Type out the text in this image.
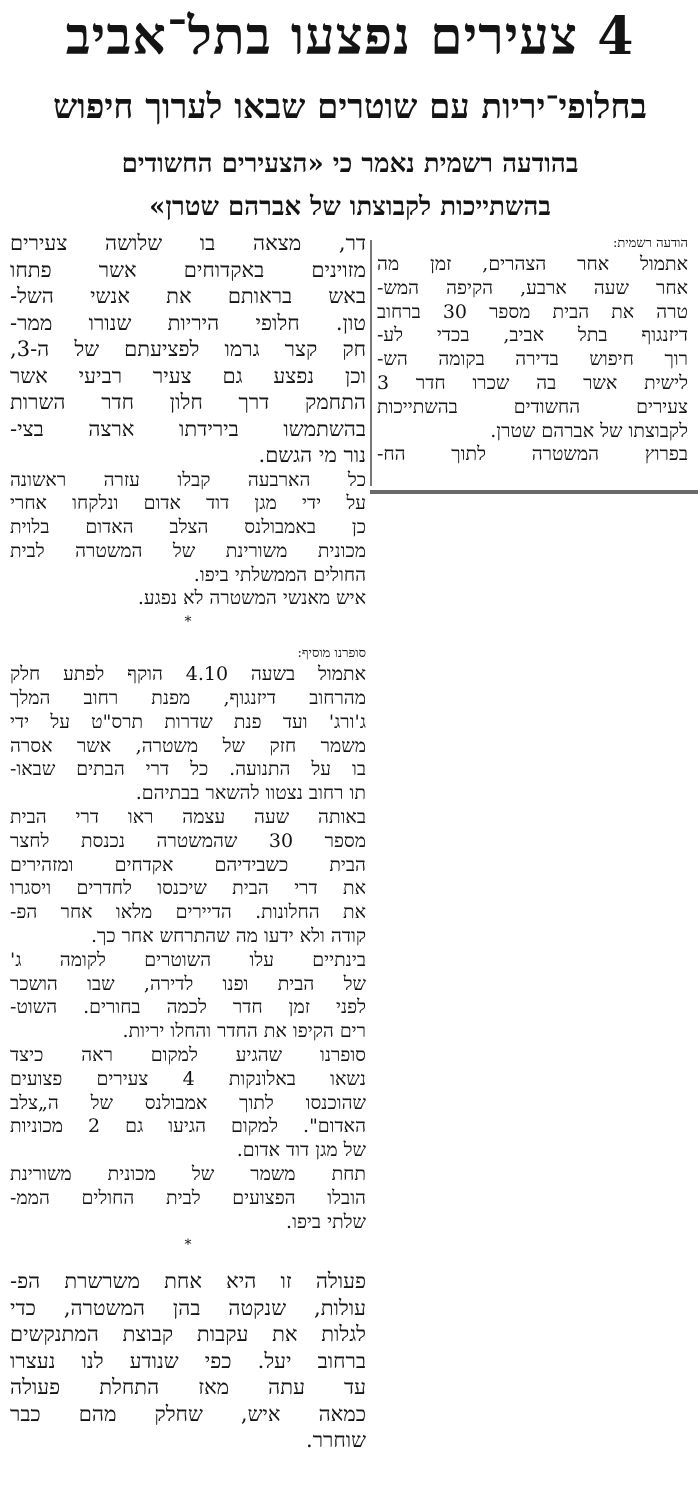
4 צעירים נפצעו בתל־אביב
בחלופי־יריות עם שוטרים שבאו לערוך חיפוש
בהודעה רשמית נאמר כי «הצעירים החשודים
בהשתייכות לקבוצתו של אברהם שטרן»
הודעה רשמית:
אתמול אחר הצהרים, זמן מה
אחר שעה ארבע, הקיפה המש-
טרה את הבית מספר 30 ברחוב
דיזנגוף בתל אביב, בכדי לע-
רוך חיפוש בדירה בקומה הש-
לישית אשר בה שכרו חדר 3
צעירים החשודים בהשתייכות
לקבוצתו של אברהם שטרן.
בפרוץ המשטרה לתוך הח-
דר, מצאה בו שלושה צעירים
מזוינים באקדוחים אשר פתחו
באש בראותם את אנשי השל-
טון. חלופי היריות שנורו ממר-
חק קצר גרמו לפציעתם של ה-3,
וכן נפצע גם צעיר רביעי אשר
התחמק דרך חלון חדר השרות
בהשתמשו בירידתו ארצה בצי-
נור מי הגשם.
כל הארבעה קבלו עזרה ראשונה
על ידי מגן דוד אדום ונלקחו אחרי
כן באמבולנס הצלב האדום בלוית
מכונית משורינת של המשטרה לבית
החולים הממשלתי ביפו.
איש מאנשי המשטרה לא נפגע.
*
סופרנו מוסיף:
אתמול בשעה 4.10 הוקף לפתע חלק
מהרחוב דיזנגוף, מפנת רחוב המלך
ג'ורג' ועד פנת שדרות תרס"ט על ידי
משמר חזק של משטרה, אשר אסרה
בו על התנועה. כל דרי הבתים שבאו-
תו רחוב נצטוו להשאר בבתיהם.
באותה שעה עצמה ראו דרי הבית
מספר 30 שהמשטרה נכנסת לחצר
הבית כשבידיהם אקדחים ומזהירים
את דרי הבית שיכנסו לחדרים ויסגרו
את החלונות. הדיירים מלאו אחר הפ-
קודה ולא ידעו מה שהתרחש אחר כך.
בינתיים עלו השוטרים לקומה ג'
של הבית ופנו לדירה, שבו הושכר
לפני זמן חדר לכמה בחורים. השוט-
רים הקיפו את החדר והחלו יריות.
סופרנו שהגיע למקום ראה כיצד
נשאו באלונקות 4 צעירים פצועים
שהוכנסו לתוך אמבולנס של ה„צלב
האדום". למקום הגיעו גם 2 מכוניות
של מגן דוד אדום.
תחת משמר של מכונית משורינת
הובלו הפצועים לבית החולים הממ-
שלתי ביפו.
*
פעולה זו היא אחת משרשרת הפ-
עולות, שנקטה בהן המשטרה, כדי
לגלות את עקבות קבוצת המתנקשים
ברחוב יעל. כפי שנודע לנו נעצרו
עד עתה מאז התחלת פעולה
כמאה איש, שחלק מהם כבר
שוחרר.
